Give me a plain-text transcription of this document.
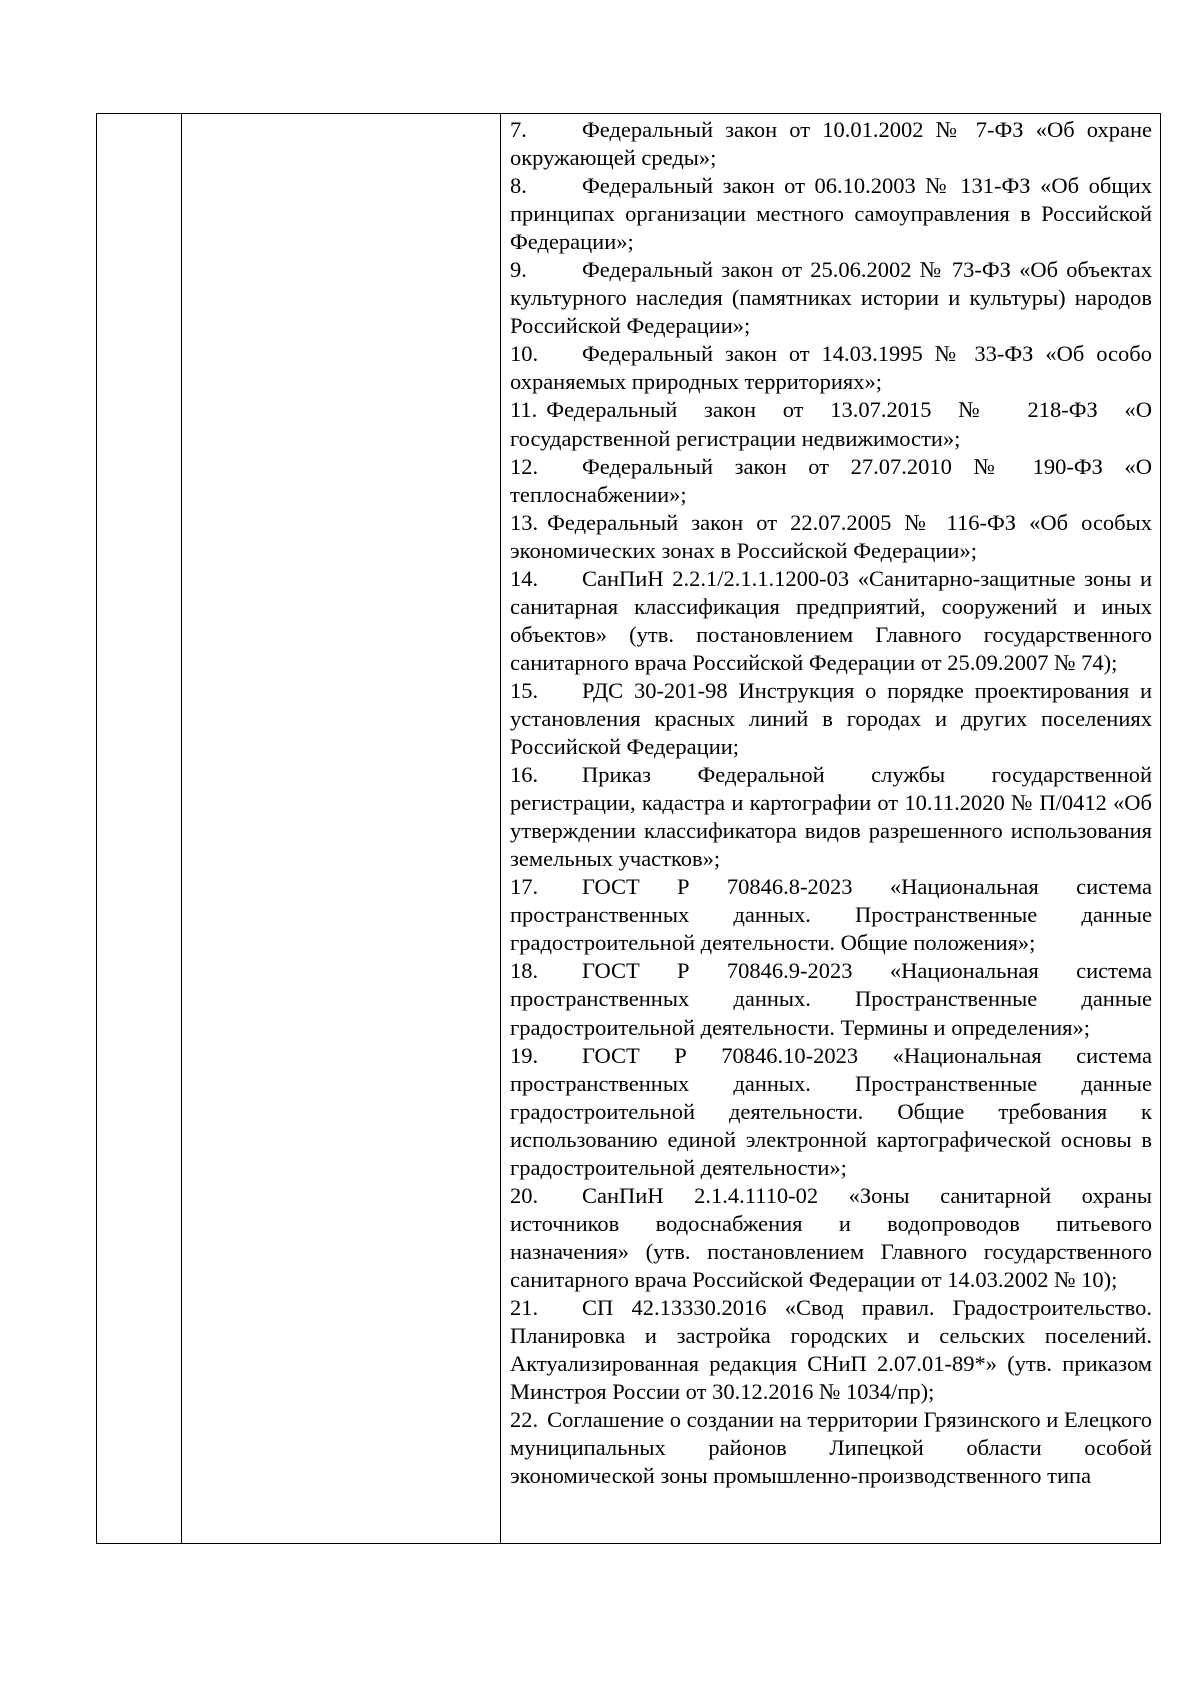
7. Федеральный закон от 10.01.2002 № 7-ФЗ «Об охране окружающей среды»;

8. Федеральный закон от 06.10.2003 № 131-ФЗ «Об общих принципах организации местного самоуправления в Российской Федерации»;

9. Федеральный закон от 25.06.2002 № 73-ФЗ «Об объектах культурного наследия (памятниках истории и культуры) народов Российской Федерации»;

10. Федеральный закон от 14.03.1995 № 33-ФЗ «Об особо охраняемых природных территориях»;

11. Федеральный закон от 13.07.2015 № 218-ФЗ «О государственной регистрации недвижимости»;

12. Федеральный закон от 27.07.2010 № 190-ФЗ «О теплоснабжении»;

13. Федеральный закон от 22.07.2005 № 116-ФЗ «Об особых экономических зонах в Российской Федерации»;

14. СанПиН 2.2.1/2.1.1.1200-03 «Санитарно-защитные зоны и санитарная классификация предприятий, сооружений и иных объектов» (утв. постановлением Главного государственного санитарного врача Российской Федерации от 25.09.2007 № 74);

15. РДС 30-201-98 Инструкция о порядке проектирования и установления красных линий в городах и других поселениях Российской Федерации;

16. Приказ Федеральной службы государственной регистрации, кадастра и картографии от 10.11.2020 № П/0412 «Об утверждении классификатора видов разрешенного использования земельных участков»;

17. ГОСТ Р 70846.8-2023 «Национальная система пространственных данных. Пространственные данные градостроительной деятельности. Общие положения»;

18. ГОСТ Р 70846.9-2023 «Национальная система пространственных данных. Пространственные данные градостроительной деятельности. Термины и определения»;

19. ГОСТ Р 70846.10-2023 «Национальная система пространственных данных. Пространственные данные градостроительной деятельности. Общие требования к использованию единой электронной картографической основы в градостроительной деятельности»;

20. СанПиН 2.1.4.1110-02 «Зоны санитарной охраны источников водоснабжения и водопроводов питьевого назначения» (утв. постановлением Главного государственного санитарного врача Российской Федерации от 14.03.2002 № 10);

21. СП 42.13330.2016 «Свод правил. Градостроительство. Планировка и застройка городских и сельских поселений. Актуализированная редакция СНиП 2.07.01-89*» (утв. приказом Минстроя России от 30.12.2016 № 1034/пр);

22. Соглашение о создании на территории Грязинского и Елецкого муниципальных районов Липецкой области особой экономической зоны промышленно-производственного типа
